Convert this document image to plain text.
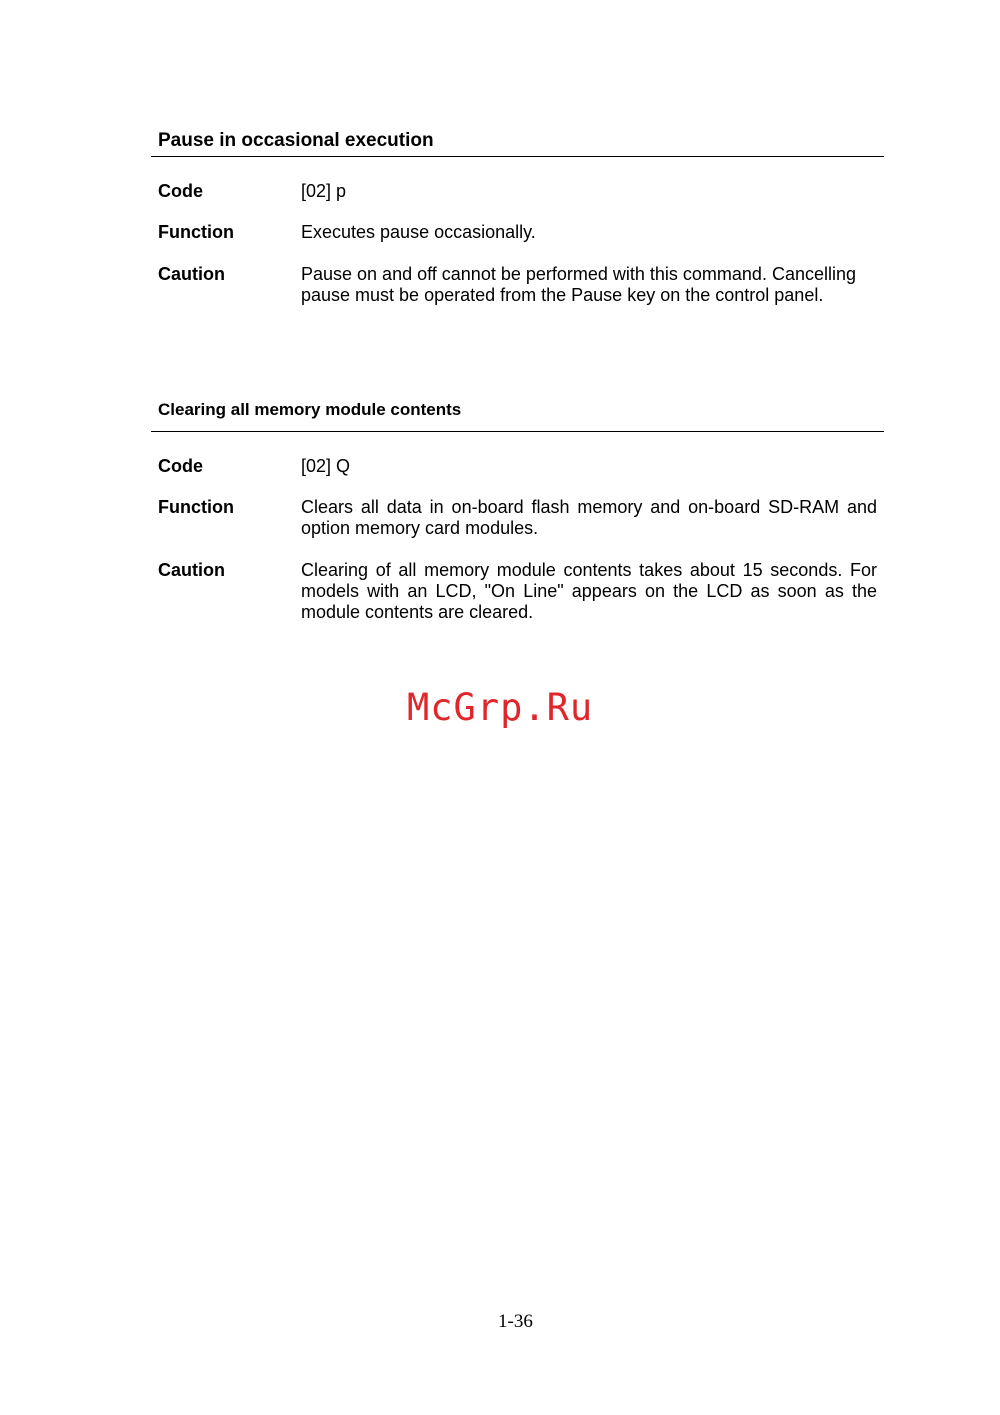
Pause in occasional execution
Code	[02] p
Function	Executes pause occasionally.
Caution	Pause on and off cannot be performed with this command. Cancelling pause must be operated from the Pause key on the control panel.
Clearing all memory module contents
Code	[02] Q
Function	Clears all data in on-board flash memory and on-board SD-RAM and option memory card modules.
Caution	Clearing of all memory module contents takes about 15 seconds. For models with an LCD, "On Line" appears on the LCD as soon as the module contents are cleared.
McGrp.Ru
1-36
